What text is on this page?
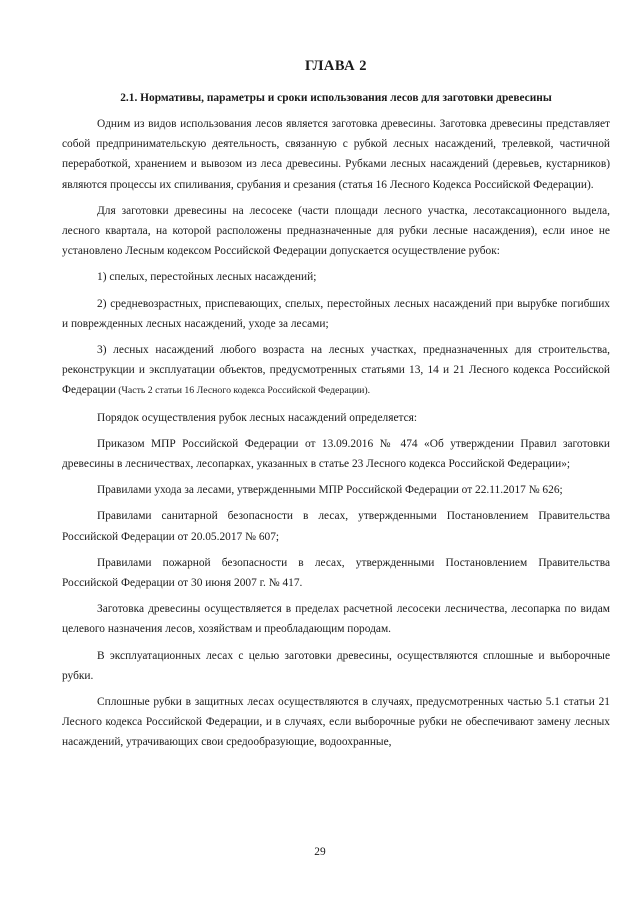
ГЛАВА 2
2.1. Нормативы, параметры и сроки использования лесов для заготовки древесины

Одним из видов использования лесов является заготовка древесины. Заготовка древесины представляет собой предпринимательскую деятельность, связанную с рубкой лесных насаждений, трелевкой, частичной переработкой, хранением и вывозом из леса древесины. Рубками лесных насаждений (деревьев, кустарников) являются процессы их спиливания, срубания и срезания (статья 16 Лесного Кодекса Российской Федерации).

Для заготовки древесины на лесосеке (части площади лесного участка, лесотаксационного выдела, лесного квартала, на которой расположены предназначенные для рубки лесные насаждения), если иное не установлено Лесным кодексом Российской Федерации допускается осуществление рубок:

1) спелых, перестойных лесных насаждений;

2) средневозрастных, приспевающих, спелых, перестойных лесных насаждений при вырубке погибших и поврежденных лесных насаждений, уходе за лесами;

3) лесных насаждений любого возраста на лесных участках, предназначенных для строительства, реконструкции и эксплуатации объектов, предусмотренных статьями 13, 14 и 21 Лесного кодекса Российской Федерации (Часть 2 статьи 16 Лесного кодекса Российской Федерации).

Порядок осуществления рубок лесных насаждений определяется:

Приказом МПР Российской Федерации от 13.09.2016 № 474 «Об утверждении Правил заготовки древесины в лесничествах, лесопарках, указанных в статье 23 Лесного кодекса Российской Федерации»;

Правилами ухода за лесами, утвержденными МПР Российской Федерации от 22.11.2017 № 626;

Правилами санитарной безопасности в лесах, утвержденными Постановлением Правительства Российской Федерации от 20.05.2017 № 607;

Правилами пожарной безопасности в лесах, утвержденными Постановлением Правительства Российской Федерации от 30 июня 2007 г. № 417.

Заготовка древесины осуществляется в пределах расчетной лесосеки лесничества, лесопарка по видам целевого назначения лесов, хозяйствам и преобладающим породам.

В эксплуатационных лесах с целью заготовки древесины, осуществляются сплошные и выборочные рубки.

Сплошные рубки в защитных лесах осуществляются в случаях, предусмотренных частью 5.1 статьи 21 Лесного кодекса Российской Федерации, и в случаях, если выборочные рубки не обеспечивают замену лесных насаждений, утрачивающих свои средообразующие, водоохранные,

29
